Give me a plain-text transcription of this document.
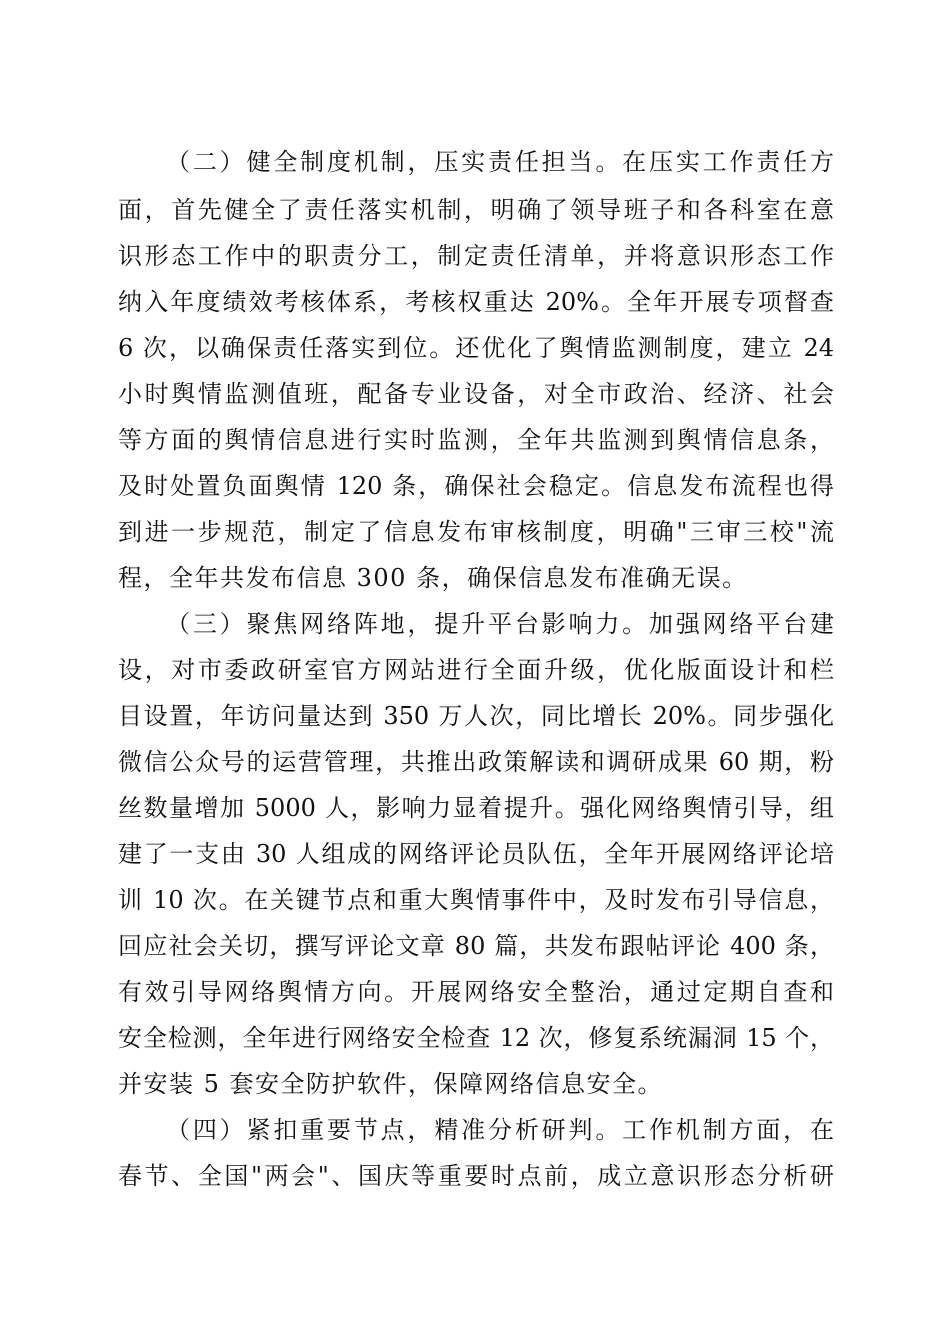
（二）健全制度机制，压实责任担当。在压实工作责任方
面，首先健全了责任落实机制，明确了领导班子和各科室在意
识形态工作中的职责分工，制定责任清单，并将意识形态工作
纳入年度绩效考核体系，考核权重达 20%。全年开展专项督查
6 次，以确保责任落实到位。还优化了舆情监测制度，建立 24
小时舆情监测值班，配备专业设备，对全市政治、经济、社会
等方面的舆情信息进行实时监测，全年共监测到舆情信息条，
及时处置负面舆情 120 条，确保社会稳定。信息发布流程也得
到进一步规范，制定了信息发布审核制度，明确"三审三校"流
程，全年共发布信息 300 条，确保信息发布准确无误。
（三）聚焦网络阵地，提升平台影响力。加强网络平台建
设，对市委政研室官方网站进行全面升级，优化版面设计和栏
目设置，年访问量达到 350 万人次，同比增长 20%。同步强化
微信公众号的运营管理，共推出政策解读和调研成果 60 期，粉
丝数量增加 5000 人，影响力显着提升。强化网络舆情引导，组
建了一支由 30 人组成的网络评论员队伍，全年开展网络评论培
训 10 次。在关键节点和重大舆情事件中，及时发布引导信息，
回应社会关切，撰写评论文章 80 篇，共发布跟帖评论 400 条，
有效引导网络舆情方向。开展网络安全整治，通过定期自查和
安全检测，全年进行网络安全检查 12 次，修复系统漏洞 15 个，
并安装 5 套安全防护软件，保障网络信息安全。
（四）紧扣重要节点，精准分析研判。工作机制方面，在
春节、全国"两会"、国庆等重要时点前，成立意识形态分析研
